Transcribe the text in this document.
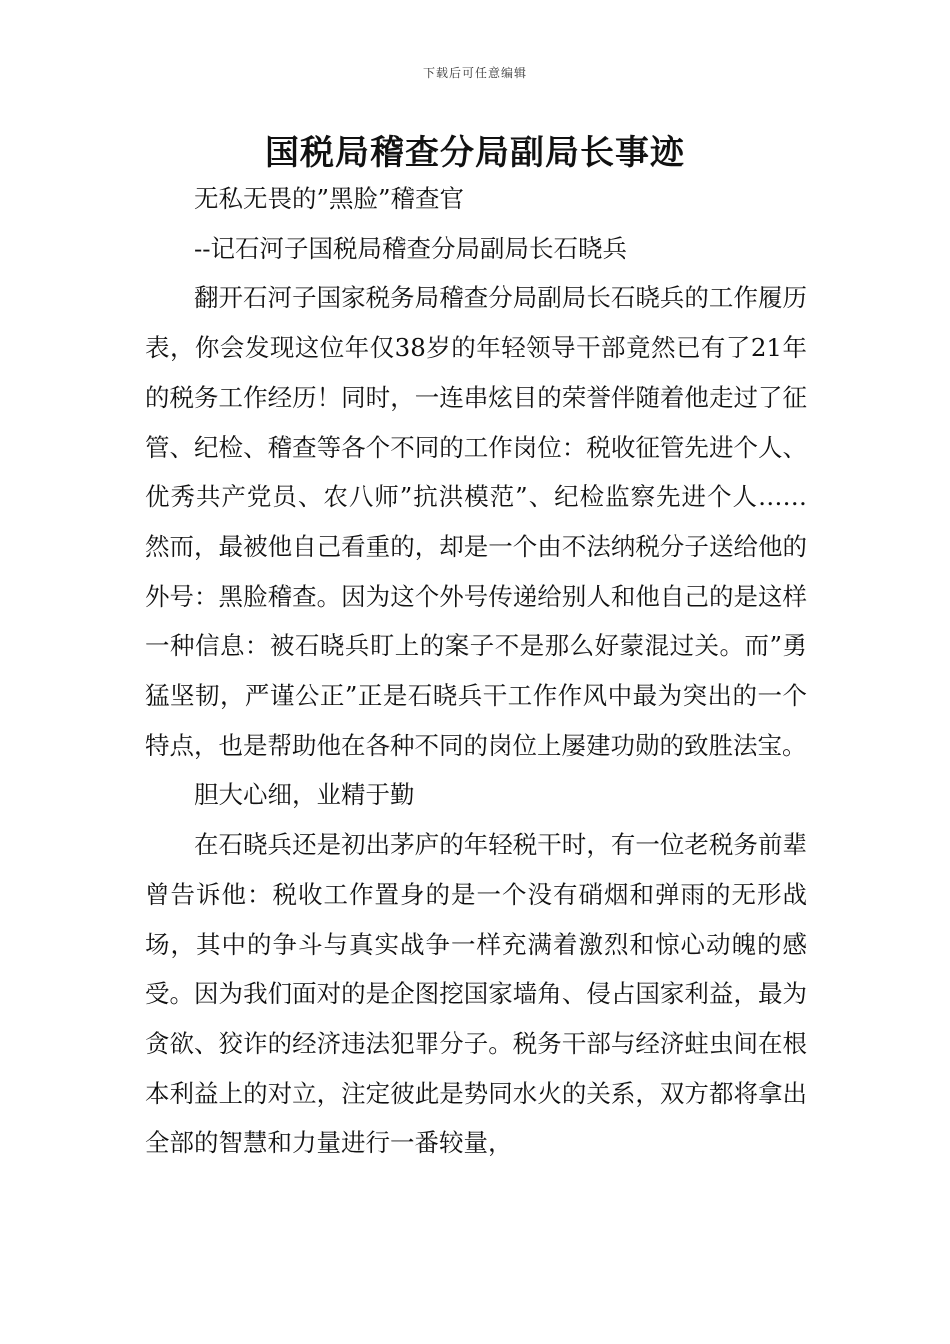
下载后可任意编辑
国税局稽查分局副局长事迹

无私无畏的”黑脸”稽查官

--记石河子国税局稽查分局副局长石晓兵

翻开石河子国家税务局稽查分局副局长石晓兵的工作履历表，你会发现这位年仅38岁的年轻领导干部竟然已有了21年的税务工作经历！同时，一连串炫目的荣誉伴随着他走过了征管、纪检、稽查等各个不同的工作岗位：税收征管先进个人、优秀共产党员、农八师”抗洪模范”、纪检监察先进个人……然而，最被他自己看重的，却是一个由不法纳税分子送给他的外号：黑脸稽查。因为这个外号传递给别人和他自己的是这样一种信息：被石晓兵盯上的案子不是那么好蒙混过关。而”勇猛坚韧，严谨公正”正是石晓兵干工作作风中最为突出的一个特点，也是帮助他在各种不同的岗位上屡建功勋的致胜法宝。

胆大心细，业精于勤

在石晓兵还是初出茅庐的年轻税干时，有一位老税务前辈曾告诉他：税收工作置身的是一个没有硝烟和弹雨的无形战场，其中的争斗与真实战争一样充满着激烈和惊心动魄的感受。因为我们面对的是企图挖国家墙角、侵占国家利益，最为贪欲、狡诈的经济违法犯罪分子。税务干部与经济蛀虫间在根本利益上的对立，注定彼此是势同水火的关系，双方都将拿出全部的智慧和力量进行一番较量，
